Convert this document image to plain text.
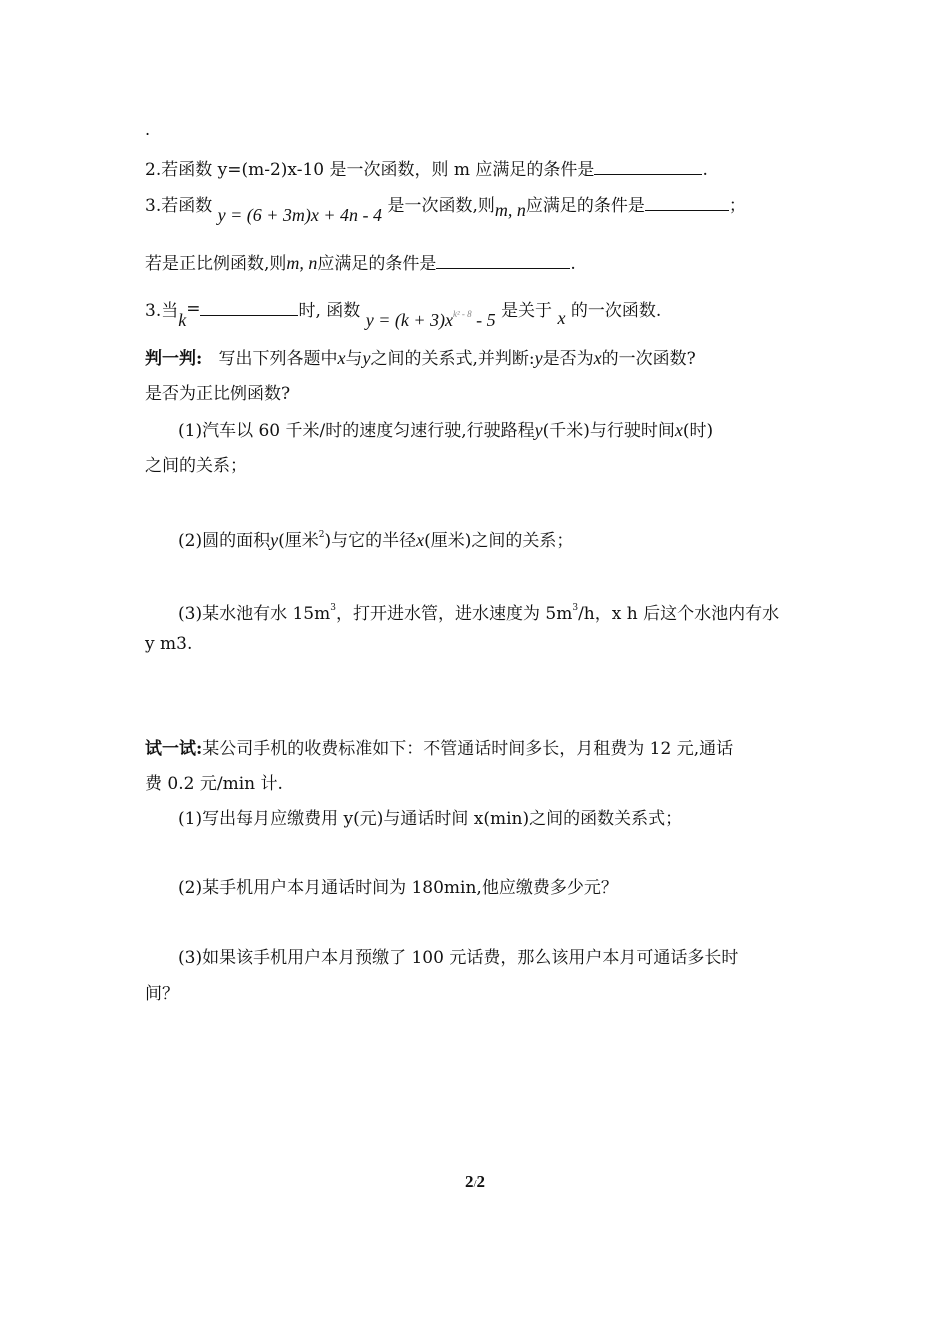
.
2.若函数 y=(m-2)x-10 是一次函数，则 m 应满足的条件是	.
3.若函数 y = (6 + 3m)x + 4n - 4 是一次函数,则m, n应满足的条件是	；
若是正比例函数,则m, n应满足的条件是	.
3.当k=	时, 函数 $y = (k + 3)x^{k^2 - 8} - 5$ 是关于 x 的一次函数.
判一判: 写出下列各题中x与y之间的关系式,并判断:y是否为x的一次函数?
是否为正比例函数?
(1)汽车以 60 千米/时的速度匀速行驶,行驶路程y(千米)与行驶时间x(时)
之间的关系；
(2)圆的面积y(厘米$^2$)与它的半径x(厘米)之间的关系；
(3)某水池有水 $15m^3$，打开进水管，进水速度为 $5m^3/h$，x h 后这个水池内有水
y m3.
试一试:某公司手机的收费标准如下：不管通话时间多长，月租费为 12 元,通话
费 0.2 元/min 计.
(1)写出每月应缴费用 y(元)与通话时间 x(min)之间的函数关系式；
(2)某手机用户本月通话时间为 180min,他应缴费多少元？
(3)如果该手机用户本月预缴了 100 元话费，那么该用户本月可通话多长时
间？
2/2
